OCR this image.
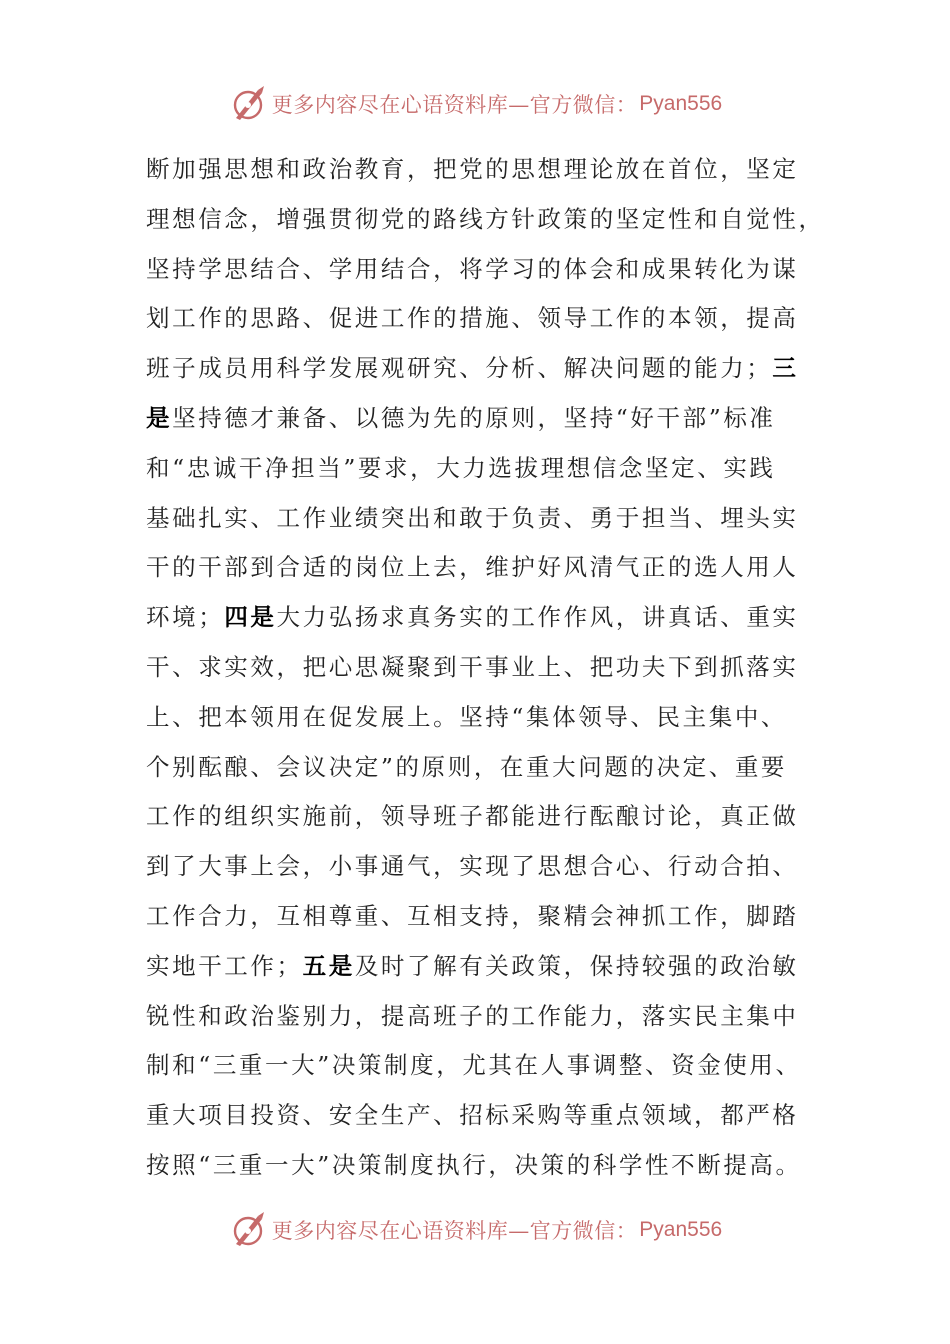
更多内容尽在心语资料库—官方微信： Pyan556
断加强思想和政治教育，把党的思想理论放在首位，坚定
理想信念，增强贯彻党的路线方针政策的坚定性和自觉性，
坚持学思结合、学用结合，将学习的体会和成果转化为谋
划工作的思路、促进工作的措施、领导工作的本领，提高
班子成员用科学发展观研究、分析、解决问题的能力；三
是坚持德才兼备、以德为先的原则，坚持“好干部”标准
和“忠诚干净担当”要求，大力选拔理想信念坚定、实践
基础扎实、工作业绩突出和敢于负责、勇于担当、埋头实
干的干部到合适的岗位上去，维护好风清气正的选人用人
环境；四是大力弘扬求真务实的工作作风，讲真话、重实
干、求实效，把心思凝聚到干事业上、把功夫下到抓落实
上、把本领用在促发展上。坚持“集体领导、民主集中、
个别酝酿、会议决定”的原则，在重大问题的决定、重要
工作的组织实施前，领导班子都能进行酝酿讨论，真正做
到了大事上会，小事通气，实现了思想合心、行动合拍、
工作合力，互相尊重、互相支持，聚精会神抓工作，脚踏
实地干工作；五是及时了解有关政策，保持较强的政治敏
锐性和政治鉴别力，提高班子的工作能力，落实民主集中
制和“三重一大”决策制度，尤其在人事调整、资金使用、
重大项目投资、安全生产、招标采购等重点领域，都严格
按照“三重一大”决策制度执行，决策的科学性不断提高。
更多内容尽在心语资料库—官方微信： Pyan556
